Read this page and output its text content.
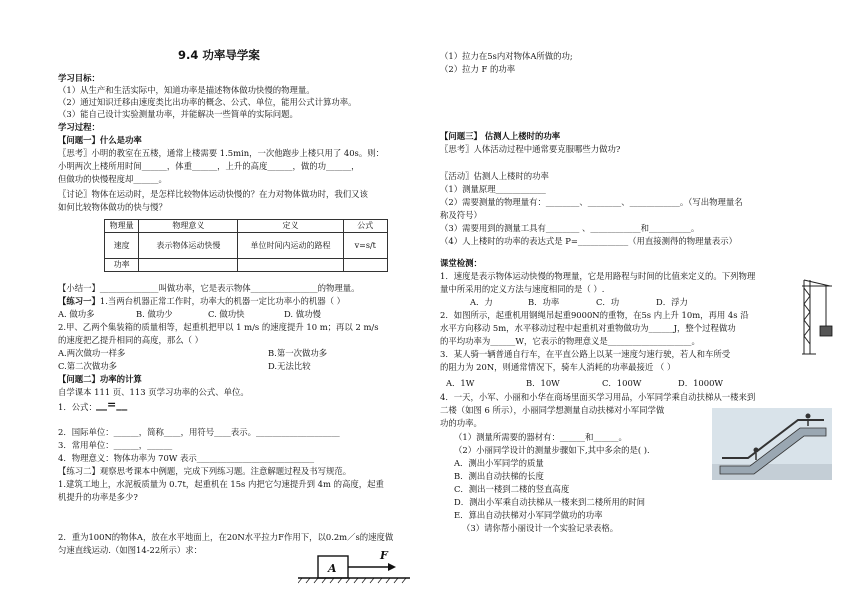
9.4 功率导学案
学习目标：
（1）从生产和生活实际中，知道功率是描述物体做功快慢的物理量。
（2）通过知识迁移由速度类比出功率的概念、公式、单位，能用公式计算功率。
（3）能自己设计实验测量功率，并能解决一些简单的实际问题。
学习过程：
【问题一】什么是功率
〖思考〗小明的教室在五楼，通常上楼需要 1.5min，一次他跑步上楼只用了 40s。则：
小明两次上楼所用时间______，体重______，上升的高度______，做的功______，
但做功的快慢程度却______。
〖讨论〗物体在运动时，是怎样比较物体运动快慢的？在力对物体做功时，我们又该
如何比较物体做功的快与慢？
物理量	物理意义	定义	公式
速度	表示物体运动快慢	单位时间内运动的路程	v=s/t
功率			
【小结一】______________叫做功率，它是表示物体________________的物理量。
【练习一】1.当两台机器正常工作时，功率大的机器一定比功率小的机器（ ）
A. 做功多	B. 做功少	C. 做功快	D. 做功慢
2.甲、乙两个集装箱的质量相等，起重机把甲以 1 m/s 的速度提升 10 m；再以 2 m/s
的速度把乙提升相同的高度，那么（ ）
A.两次做功一样多	B.第一次做功多
C.第二次做功多	D.无法比较
【问题二】功率的计算
自学课本 111 页、113 页学习功率的公式、单位。
1．公式： __=__
2．国际单位：______，简称____，用符号____表示。____________________
3．常用单位：______，______
4．物理意义：物体功率为 70W 表示____________________________
【练习二】观察思考课本中例题，完成下列练习题。注意解题过程及书写规范。
1.建筑工地上，水泥板质量为 0.7t，起重机在 15s 内把它匀速提升到 4m 的高度，起重
机提升的功率是多少?
2．重为100N的物体A，放在水平地面上，在20N水平拉力F作用下，以0.2m／s的速度做
匀速直线运动.（如图14-22所示）求：
A
F
（1）拉力在5s内对物体A所做的功;
（2）拉力 F 的功率
【问题三】 估测人上楼时的功率
〖思考〗人体活动过程中通常要克服哪些力做功?
〖活动〗估测人上楼时的功率
（1）测量原理____________
（2）需要测量的物理量有：________、________、____________。（写出物理量名
称及符号）
（3）需要用到的测量工具有________ 、____________和__________。
（4）人上楼时的功率的表达式是 P=____________（用直接测得的物理量表示）
课堂检测：
1．速度是表示物体运动快慢的物理量，它是用路程与时间的比值来定义的。下列物理
量中所采用的定义方法与速度相同的是（ ）.
A．力	B．功率	C．功	D．浮力
2．如图所示，起重机用钢绳吊起重9000N的重物，在5s 内上升 10m，再用 4s 沿
水平方向移动 5m，水平移动过程中起重机对重物做功为______J，整个过程做功
的平均功率为______W，它表示的物理意义是____________________。
3．某人骑一辆普通自行车，在平直公路上以某一速度匀速行驶，若人和车所受
的阻力为 20N，则通常情况下，骑车人消耗的功率最接近 （ ）
A．1W	B．10W	C．100W	D．1000W
4．一天，小军、小丽和小华在商场里面买学习用品，小军同学乘自动扶梯从一楼来到
二楼（如图 6 所示），小丽同学想测量自动扶梯对小军同学做
功的功率。
（1）测量所需要的器材有：______和______。
（2）小丽同学设计的测量步骤如下,其中多余的是( ).
A．测出小军同学的质量
B．测出自动扶梯的长度
C．测出一楼到二楼的竖直高度
D．测出小军乘自动扶梯从一楼来到二楼所用的时间
E．算出自动扶梯对小军同学做功的功率
（3）请你帮小丽设计一个实验记录表格。
